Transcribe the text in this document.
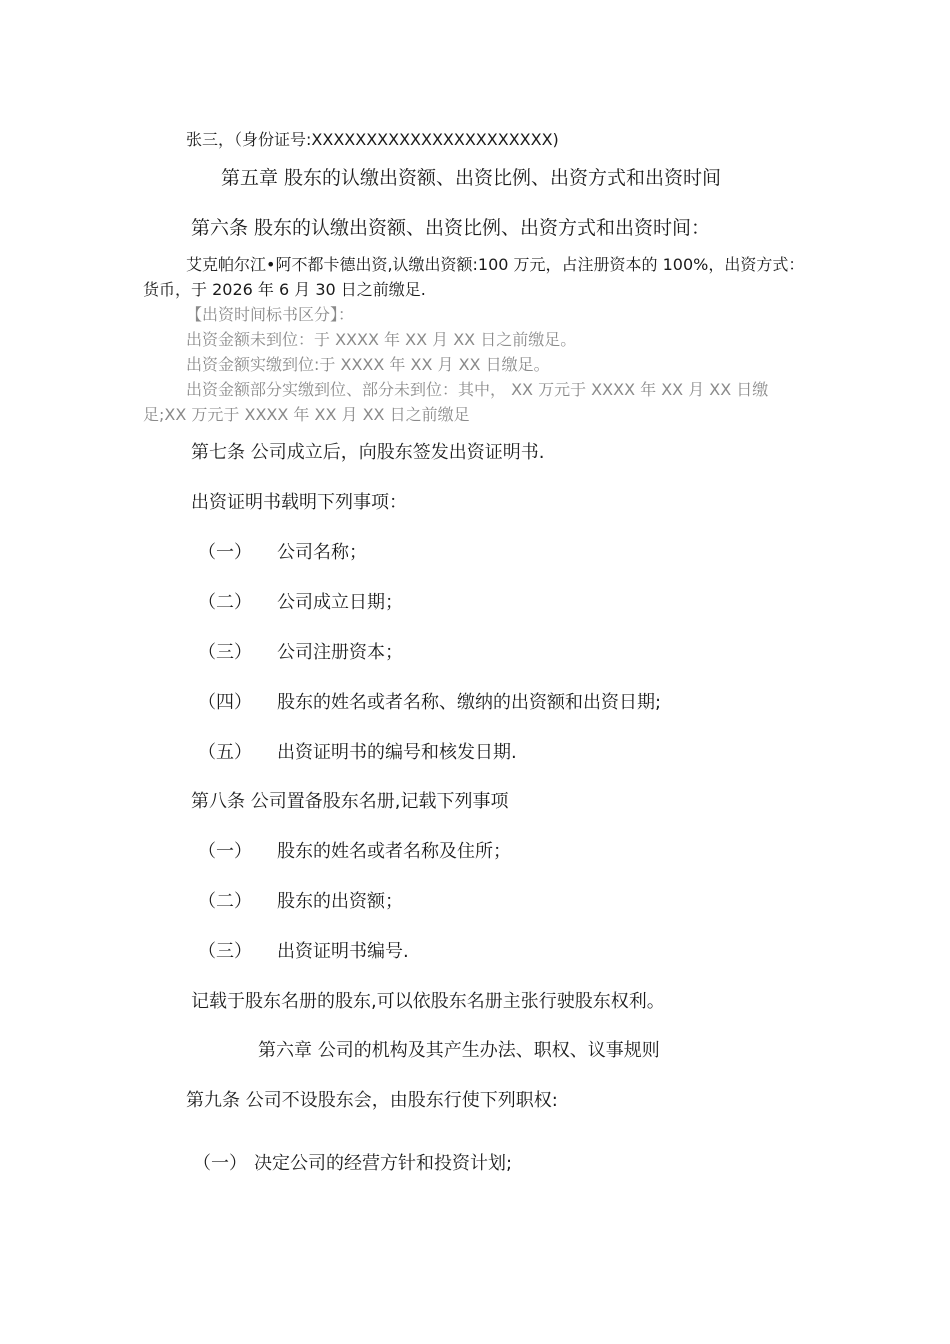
张三，（身份证号:XXXXXXXXXXXXXXXXXXXXXX)
第五章 股东的认缴出资额、出资比例、出资方式和出资时间
第六条 股东的认缴出资额、出资比例、出资方式和出资时间：
艾克帕尔江•阿不都卡德出资,认缴出资额:100 万元，占注册资本的 100%，出资方式：
货币，于 2026 年 6 月 30 日之前缴足.
【出资时间标书区分】：
出资金额未到位：于 XXXX 年 XX 月 XX 日之前缴足。
出资金额实缴到位:于 XXXX 年 XX 月 XX 日缴足。
出资金额部分实缴到位、部分未到位：其中， XX 万元于 XXXX 年 XX 月 XX 日缴
足;XX 万元于 XXXX 年 XX 月 XX 日之前缴足
第七条 公司成立后，向股东签发出资证明书.
出资证明书载明下列事项：
（一） 公司名称；
（二） 公司成立日期；
（三） 公司注册资本；
（四） 股东的姓名或者名称、缴纳的出资额和出资日期;
（五） 出资证明书的编号和核发日期.
第八条 公司置备股东名册,记载下列事项
（一） 股东的姓名或者名称及住所；
（二） 股东的出资额；
（三） 出资证明书编号.
记载于股东名册的股东,可以依股东名册主张行驶股东权利。
第六章 公司的机构及其产生办法、职权、议事规则
第九条 公司不设股东会，由股东行使下列职权:
（一） 决定公司的经营方针和投资计划;
